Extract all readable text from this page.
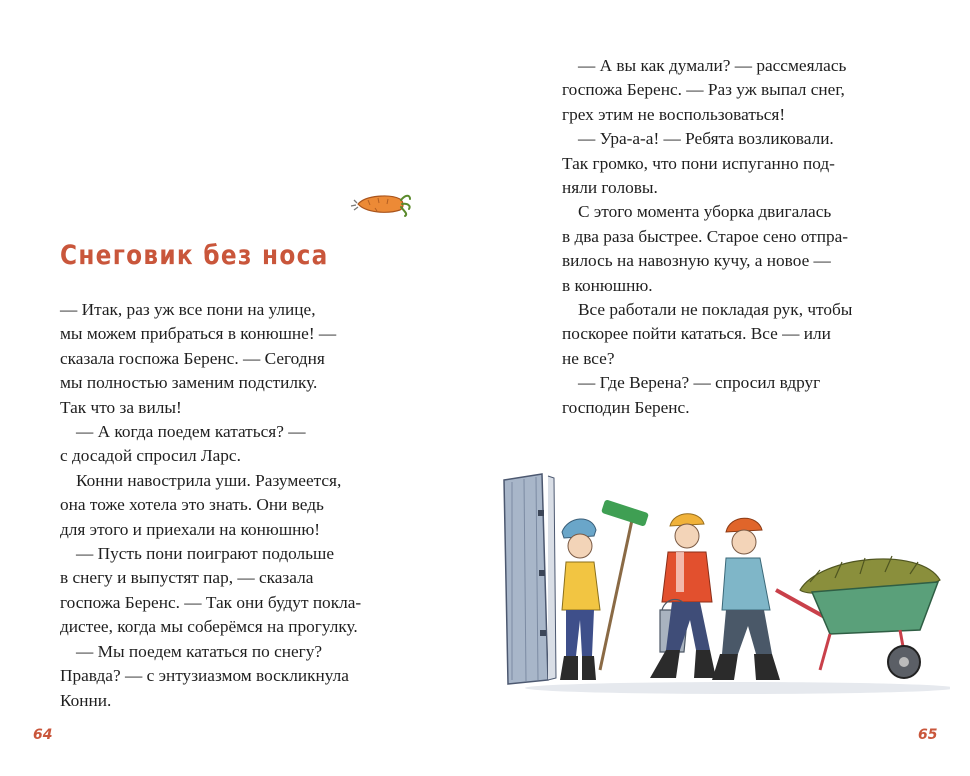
Снеговик без носа
— Итак, раз уж все пони на улице,
мы можем прибраться в конюшне! —
сказала госпожа Беренс. — Сегодня
мы полностью заменим подстилку.
Так что за вилы!
— А когда поедем кататься? —
с досадой спросил Ларс.
Конни навострила уши. Разумеется,
она тоже хотела это знать. Они ведь
для этого и приехали на конюшню!
— Пусть пони поиграют подольше
в снегу и выпустят пар, — сказала
госпожа Беренс. — Так они будут покла-
дистее, когда мы соберёмся на прогулку.
— Мы поедем кататься по снегу?
Правда? — с энтузиазмом воскликнула
Конни.

64

— А вы как думали? — рассмеялась
госпожа Беренс. — Раз уж выпал снег,
грех этим не воспользоваться!
— Ура-а-а! — Ребята возликовали.
Так громко, что пони испуганно под-
няли головы.
С этого момента уборка двигалась
в два раза быстрее. Старое сено отпра-
вилось на навозную кучу, а новое —
в конюшню.
Все работали не покладая рук, чтобы
поскорее пойти кататься. Все — или
не все?
— Где Верена? — спросил вдруг
господин Беренс.

65
